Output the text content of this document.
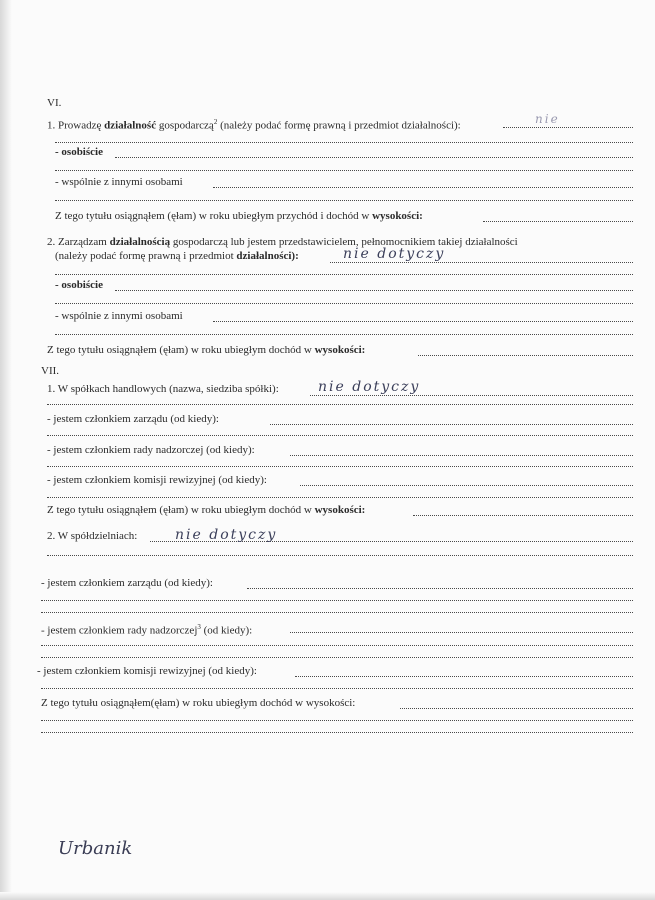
VI.
1. Prowadzę działalność gospodarczą$^2$ (należy podać formę prawną i przedmiot działalności):	nie
- osobiście
- wspólnie z innymi osobami
Z tego tytułu osiągnąłem (ęłam) w roku ubiegłym przychód i dochód w wysokości:
2. Zarządzam działalnością gospodarczą lub jestem przedstawicielem, pełnomocnikiem takiej działalności
(należy podać formę prawną i przedmiot działalności):	nie dotyczy
- osobiście
- wspólnie z innymi osobami
Z tego tytułu osiągnąłem (ęłam) w roku ubiegłym dochód w wysokości:
VII.
1. W spółkach handlowych (nazwa, siedziba spółki):	nie dotyczy
- jestem członkiem zarządu (od kiedy):
- jestem członkiem rady nadzorczej (od kiedy):
- jestem członkiem komisji rewizyjnej (od kiedy):
Z tego tytułu osiągnąłem (ęłam) w roku ubiegłym dochód w wysokości:
2. W spółdzielniach:	nie dotyczy
- jestem członkiem zarządu (od kiedy):
- jestem członkiem rady nadzorczej$^3$ (od kiedy):
- jestem członkiem komisji rewizyjnej (od kiedy):
Z tego tytułu osiągnąłem(ęłam) w roku ubiegłym dochód w wysokości:
Urbanik
